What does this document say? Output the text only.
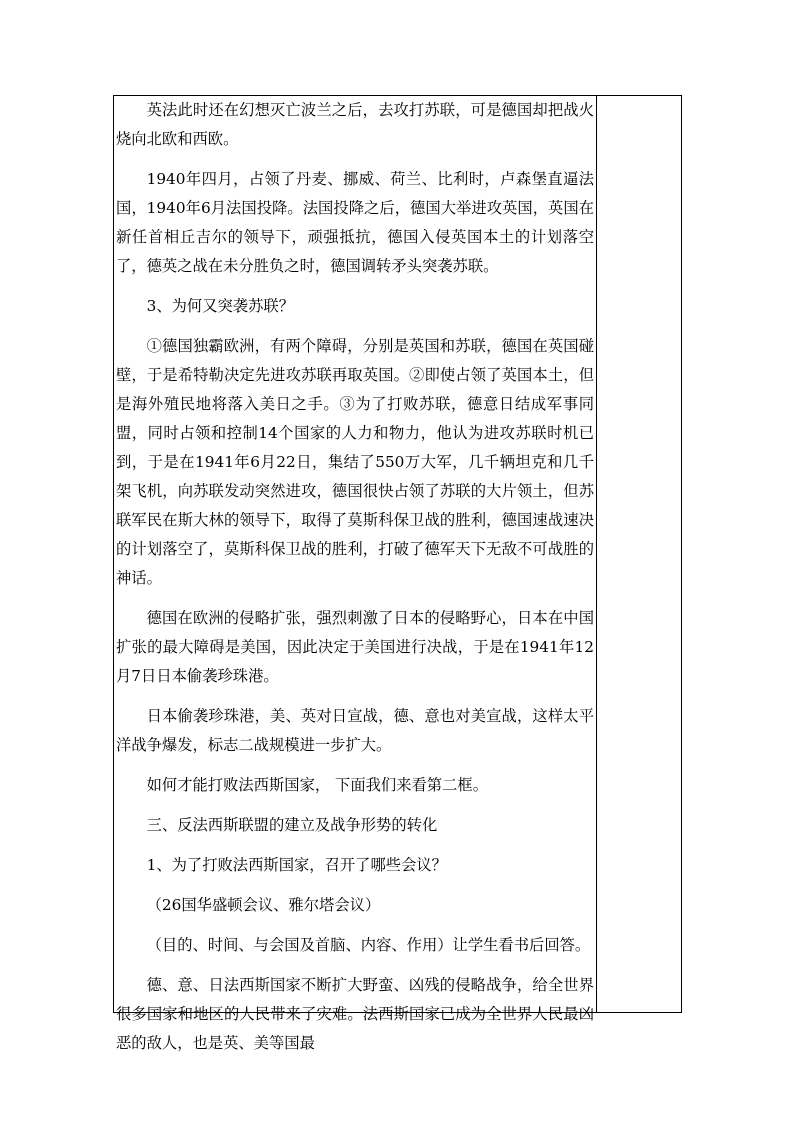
英法此时还在幻想灭亡波兰之后，去攻打苏联，可是德国却把战火烧向北欧和西欧。

1940年四月，占领了丹麦、挪威、荷兰、比利时，卢森堡直逼法国，1940年6月法国投降。法国投降之后，德国大举进攻英国，英国在新任首相丘吉尔的领导下，顽强抵抗，德国入侵英国本土的计划落空了，德英之战在未分胜负之时，德国调转矛头突袭苏联。

3、为何又突袭苏联？

①德国独霸欧洲，有两个障碍，分别是英国和苏联，德国在英国碰壁，于是希特勒决定先进攻苏联再取英国。②即使占领了英国本土，但是海外殖民地将落入美日之手。③为了打败苏联，德意日结成军事同盟，同时占领和控制14个国家的人力和物力，他认为进攻苏联时机已到，于是在1941年6月22日，集结了550万大军，几千辆坦克和几千架飞机，向苏联发动突然进攻，德国很快占领了苏联的大片领土，但苏联军民在斯大林的领导下，取得了莫斯科保卫战的胜利，德国速战速决的计划落空了，莫斯科保卫战的胜利，打破了德军天下无敌不可战胜的神话。

德国在欧洲的侵略扩张，强烈刺激了日本的侵略野心，日本在中国扩张的最大障碍是美国，因此决定于美国进行决战，于是在1941年12月7日日本偷袭珍珠港。

日本偷袭珍珠港，美、英对日宣战，德、意也对美宣战，这样太平洋战争爆发，标志二战规模进一步扩大。

如何才能打败法西斯国家， 下面我们来看第二框。

三、反法西斯联盟的建立及战争形势的转化

1、为了打败法西斯国家，召开了哪些会议？

（26国华盛顿会议、雅尔塔会议）

（目的、时间、与会国及首脑、内容、作用）让学生看书后回答。

德、意、日法西斯国家不断扩大野蛮、凶残的侵略战争，给全世界很多国家和地区的人民带来了灾难。法西斯国家已成为全世界人民最凶恶的敌人，也是英、美等国最
